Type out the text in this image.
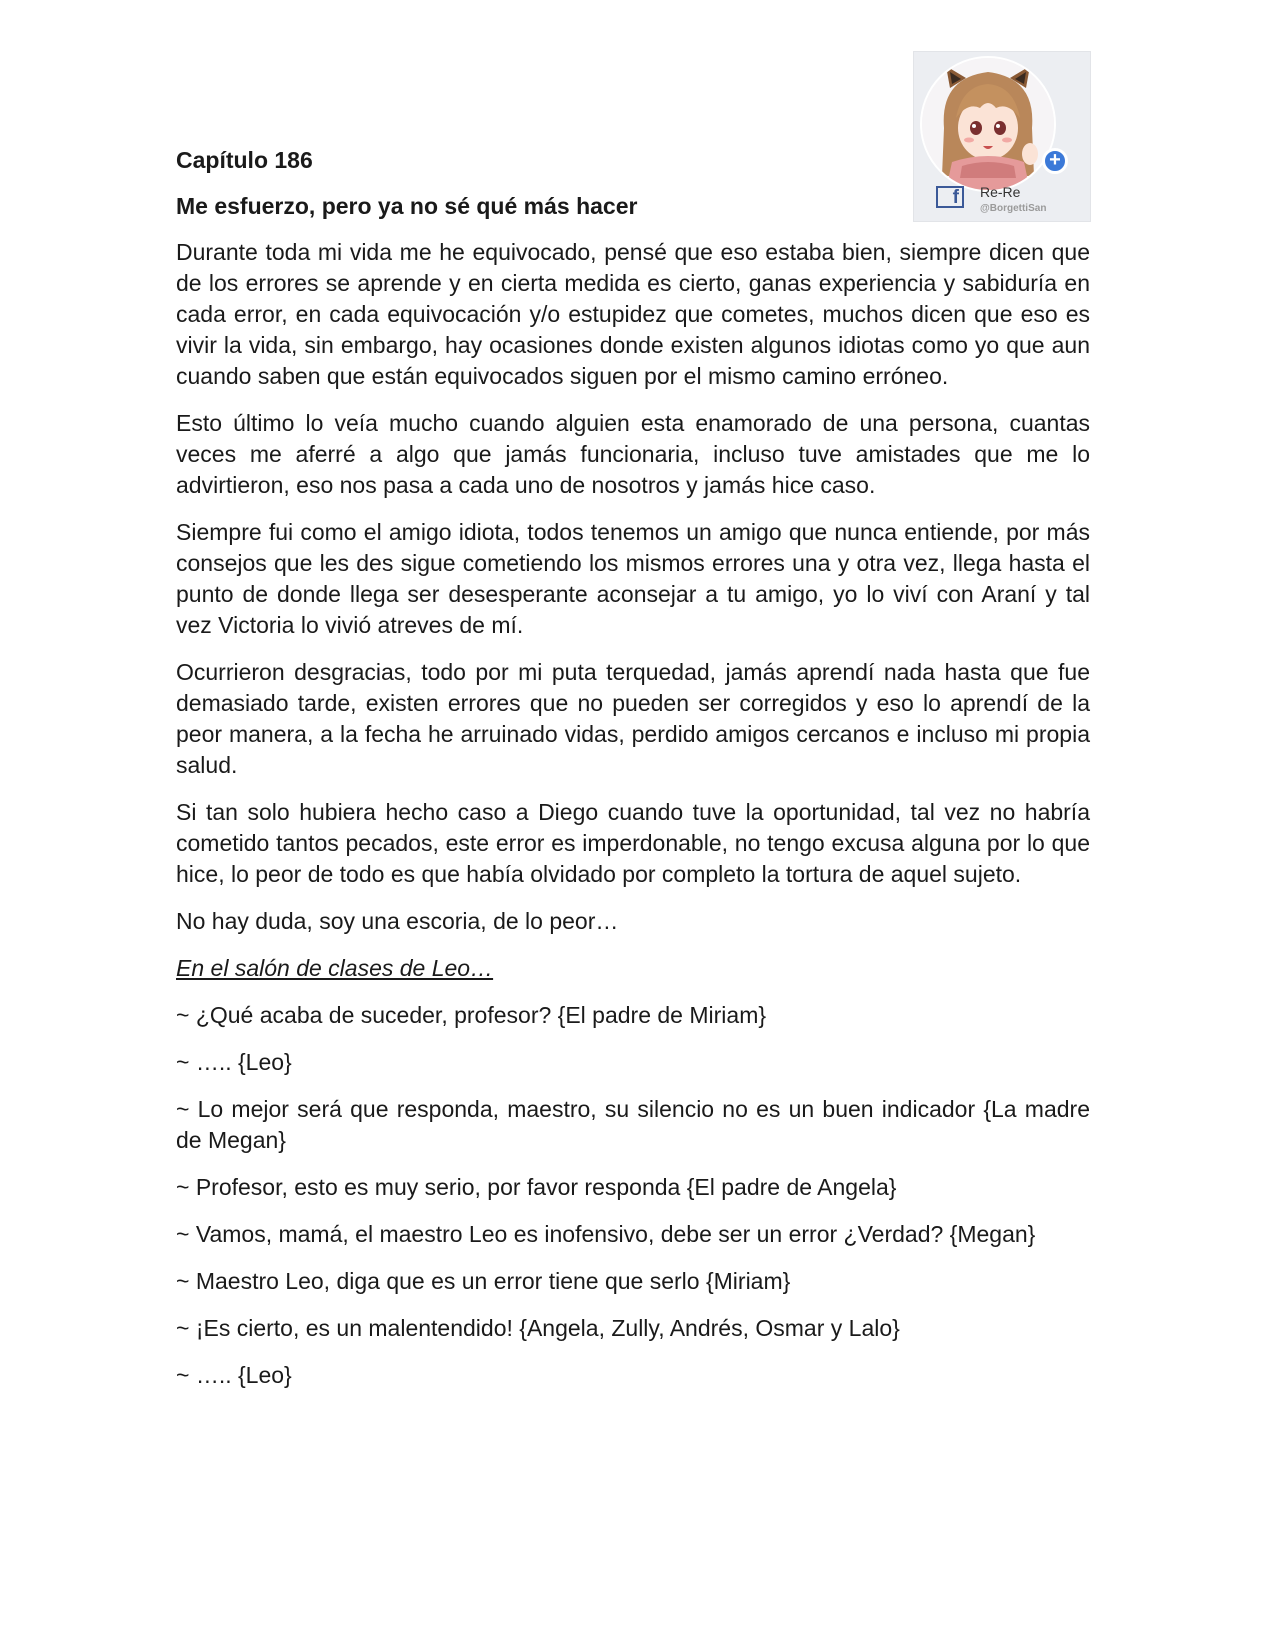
+
f	Re-Re
@BorgettiSan

Capítulo 186

Me esfuerzo, pero ya no sé qué más hacer

Durante toda mi vida me he equivocado, pensé que eso estaba bien, siempre dicen que de los errores se aprende y en cierta medida es cierto, ganas experiencia y sabiduría en cada error, en cada equivocación y/o estupidez que cometes, muchos dicen que eso es vivir la vida, sin embargo, hay ocasiones donde existen algunos idiotas como yo que aun cuando saben que están equivocados siguen por el mismo camino erróneo.

Esto último lo veía mucho cuando alguien esta enamorado de una persona, cuantas veces me aferré a algo que jamás funcionaria, incluso tuve amistades que me lo advirtieron, eso nos pasa a cada uno de nosotros y jamás hice caso.

Siempre fui como el amigo idiota, todos tenemos un amigo que nunca entiende, por más consejos que les des sigue cometiendo los mismos errores una y otra vez, llega hasta el punto de donde llega ser desesperante aconsejar a tu amigo, yo lo viví con Araní y tal vez Victoria lo vivió atreves de mí.

Ocurrieron desgracias, todo por mi puta terquedad, jamás aprendí nada hasta que fue demasiado tarde, existen errores que no pueden ser corregidos y eso lo aprendí de la peor manera, a la fecha he arruinado vidas, perdido amigos cercanos e incluso mi propia salud.

Si tan solo hubiera hecho caso a Diego cuando tuve la oportunidad, tal vez no habría cometido tantos pecados, este error es imperdonable, no tengo excusa alguna por lo que hice, lo peor de todo es que había olvidado por completo la tortura de aquel sujeto.

No hay duda, soy una escoria, de lo peor…

En el salón de clases de Leo…

~ ¿Qué acaba de suceder, profesor? {El padre de Miriam}

~ ….. {Leo}

~ Lo mejor será que responda, maestro, su silencio no es un buen indicador {La madre de Megan}

~ Profesor, esto es muy serio, por favor responda {El padre de Angela}

~ Vamos, mamá, el maestro Leo es inofensivo, debe ser un error ¿Verdad? {Megan}

~ Maestro Leo, diga que es un error tiene que serlo {Miriam}

~ ¡Es cierto, es un malentendido! {Angela, Zully, Andrés, Osmar y Lalo}

~ ….. {Leo}
